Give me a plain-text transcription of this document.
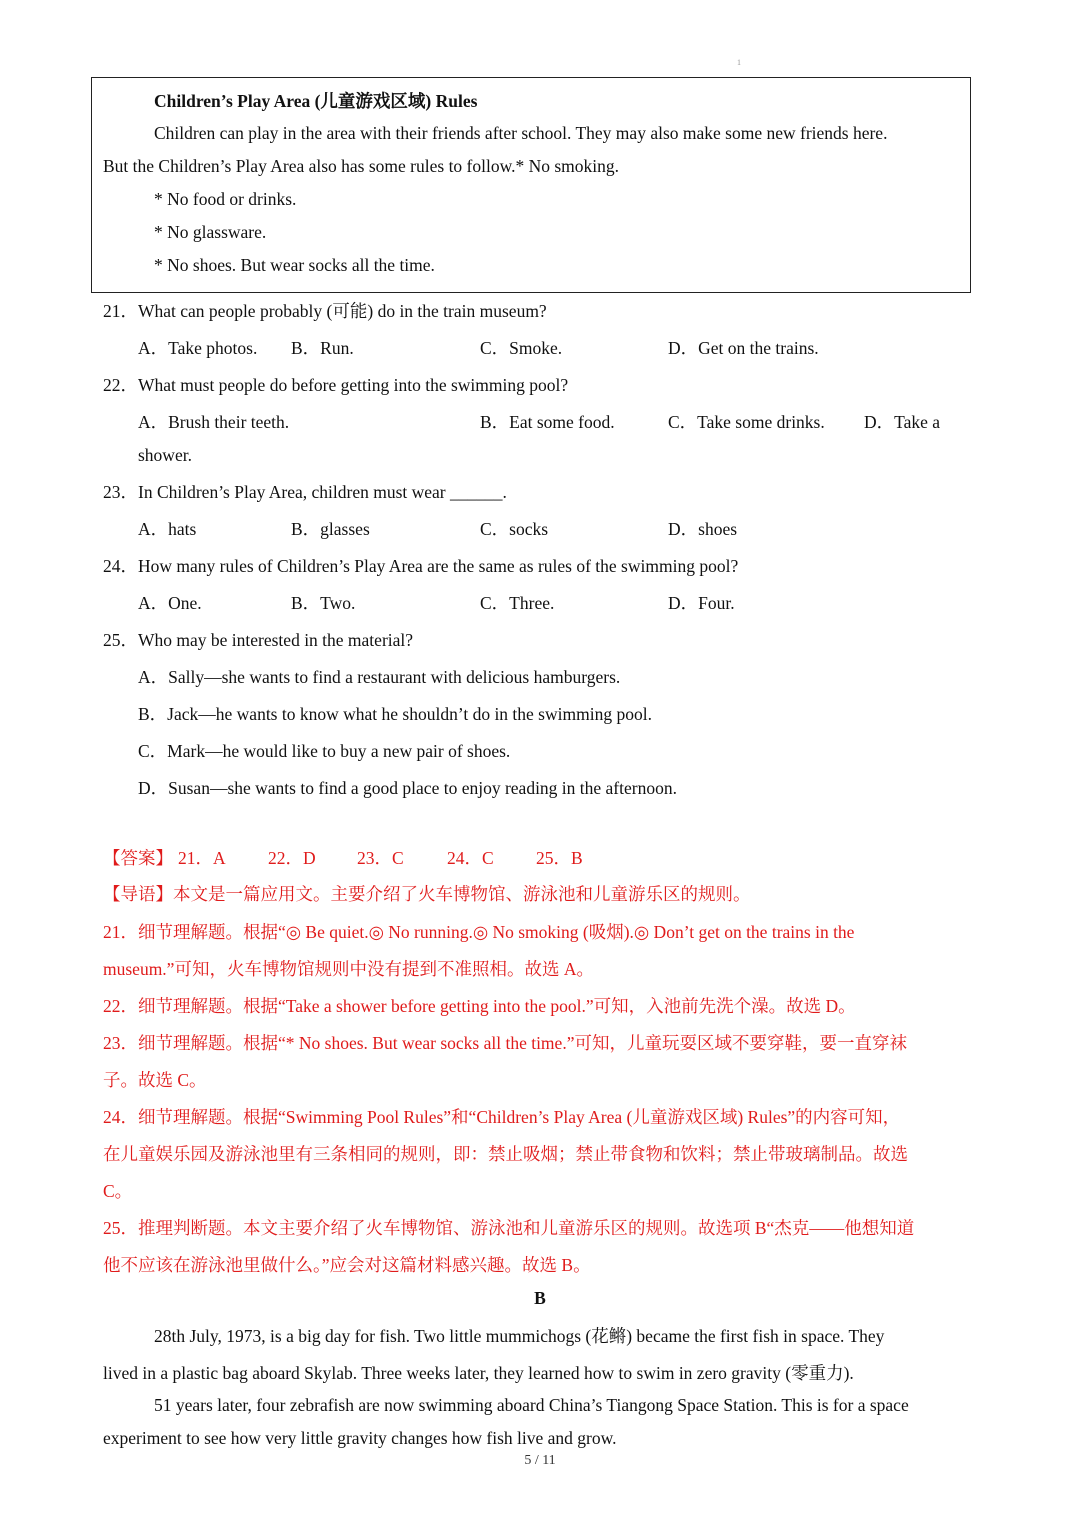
1
Children’s Play Area (儿童游戏区域) Rules
Children can play in the area with their friends after school. They may also make some new friends here.
But the Children’s Play Area also has some rules to follow.* No smoking.
* No food or drinks.
* No glassware.
* No shoes. But wear socks all the time.
21．What can people probably (可能) do in the train museum?
A．Take photos. B．Run.	C．Smoke.	D．Get on the trains.
22．What must people do before getting into the swimming pool?
A．Brush their teeth.	B．Eat some food.	C．Take some drinks. D．Take a
shower.
23．In Children’s Play Area, children must wear ______.
A．hats	B．glasses	C．socks	D．shoes
24．How many rules of Children’s Play Area are the same as rules of the swimming pool?
A．One.	B．Two.	C．Three.	D．Four.
25．Who may be interested in the material?
A．Sally—she wants to find a restaurant with delicious hamburgers.
B．Jack—he wants to know what he shouldn’t do in the swimming pool.
C．Mark—he would like to buy a new pair of shoes.
D．Susan—she wants to find a good place to enjoy reading in the afternoon.
【答案】 21．A 22．D 23．C 24．C 25．B
【导语】本文是一篇应用文。主要介绍了火车博物馆、游泳池和儿童游乐区的规则。
21．细节理解题。根据“◎ Be quiet.◎ No running.◎ No smoking (吸烟).◎ Don’t get on the trains in the
museum.”可知，火车博物馆规则中没有提到不准照相。故选 A。
22．细节理解题。根据“Take a shower before getting into the pool.”可知，入池前先洗个澡。故选 D。
23．细节理解题。根据“* No shoes. But wear socks all the time.”可知，儿童玩耍区域不要穿鞋，要一直穿袜
子。故选 C。
24．细节理解题。根据“Swimming Pool Rules”和“Children’s Play Area (儿童游戏区域) Rules”的内容可知，
在儿童娱乐园及游泳池里有三条相同的规则，即：禁止吸烟；禁止带食物和饮料；禁止带玻璃制品。故选
C。
25．推理判断题。本文主要介绍了火车博物馆、游泳池和儿童游乐区的规则。故选项 B“杰克——他想知道
他不应该在游泳池里做什么。”应会对这篇材料感兴趣。故选 B。
B
28th July, 1973, is a big day for fish. Two little mummichogs (花鳉) became the first fish in space. They
lived in a plastic bag aboard Skylab. Three weeks later, they learned how to swim in zero gravity (零重力).
51 years later, four zebrafish are now swimming aboard China’s Tiangong Space Station. This is for a space
experiment to see how very little gravity changes how fish live and grow.
5 / 11
